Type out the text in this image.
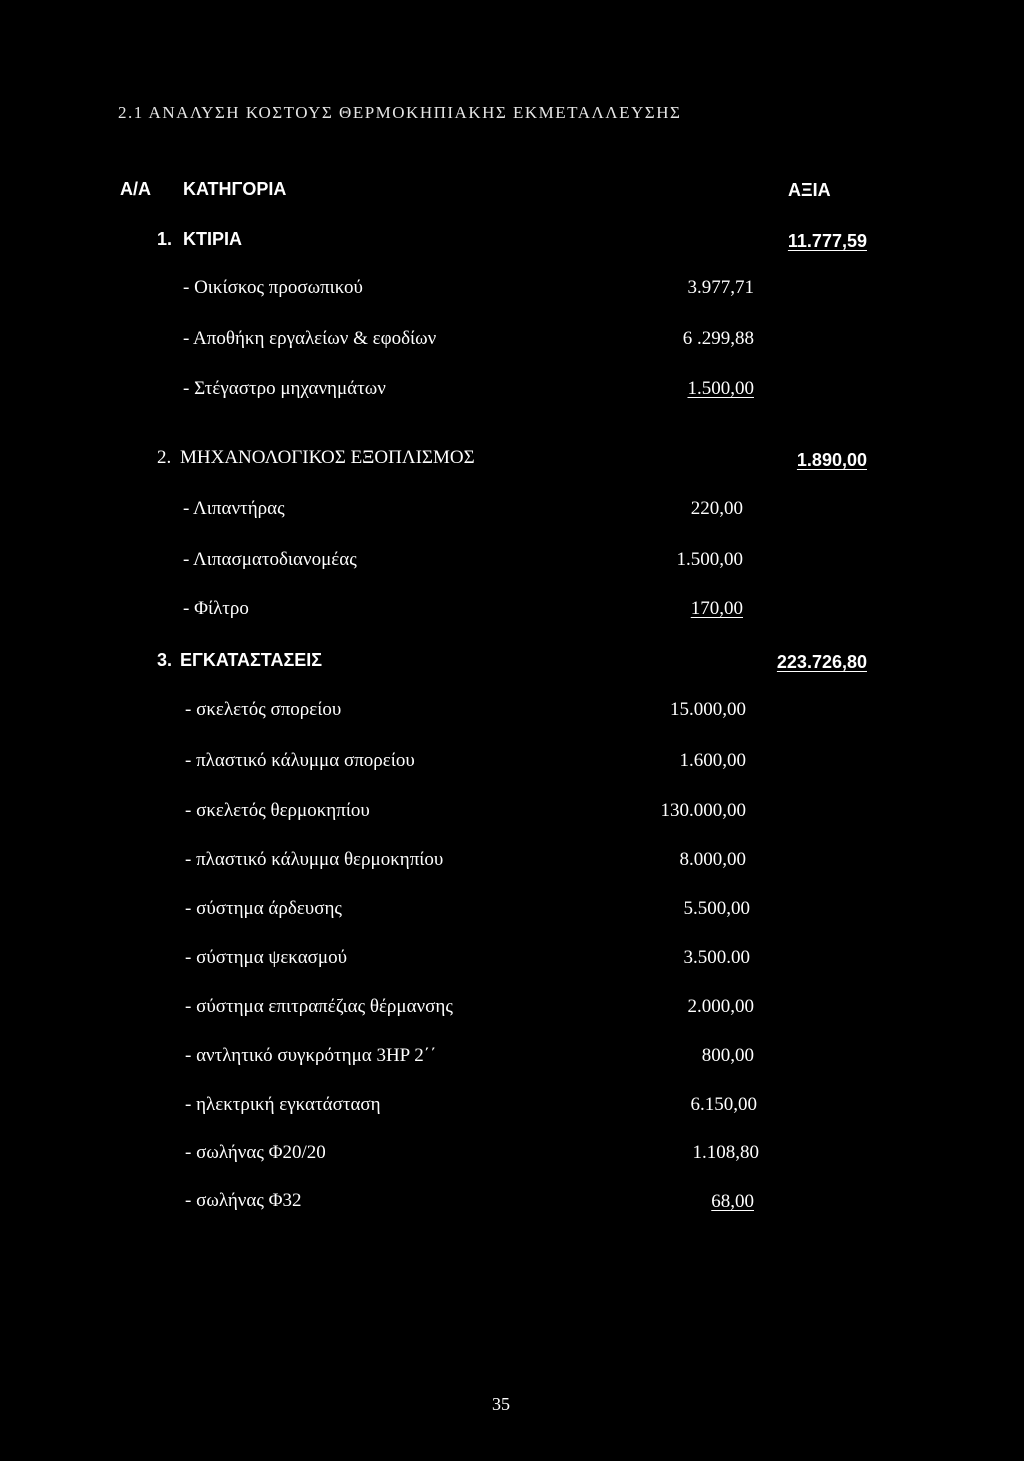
2.1 ΑΝΑΛΥΣΗ ΚΟΣΤΟΥΣ ΘΕΡΜΟΚΗΠΙΑΚΗΣ ΕΚΜΕΤΑΛΛΕΥΣΗΣ
Α/Α ΚΑΤΗΓΟΡΙΑ	ΑΞΙΑ
1. ΚΤΙΡΙΑ	11.777,59
- Οικίσκος προσωπικού	3.977,71
- Αποθήκη εργαλείων & εφοδίων	6 .299,88
- Στέγαστρο μηχανημάτων	1.500,00
2. ΜΗΧΑΝΟΛΟΓΙΚΟΣ ΕΞΟΠΛΙΣΜΟΣ	1.890,00
- Λιπαντήρας	220,00
- Λιπασματοδιανομέας	1.500,00
- Φίλτρο	170,00
3. ΕΓΚΑΤΑΣΤΑΣΕΙΣ	223.726,80
- σκελετός σπορείου	15.000,00
- πλαστικό κάλυμμα σπορείου	1.600,00
- σκελετός θερμοκηπίου	130.000,00
- πλαστικό κάλυμμα θερμοκηπίου	8.000,00
- σύστημα άρδευσης	5.500,00
- σύστημα ψεκασμού	3.500.00
- σύστημα επιτραπέζιας θέρμανσης	2.000,00
- αντλητικό συγκρότημα 3HP 2΄΄	800,00
- ηλεκτρική εγκατάσταση	6.150,00
- σωλήνας Φ20/20	1.108,80
- σωλήνας Φ32	68,00
35
